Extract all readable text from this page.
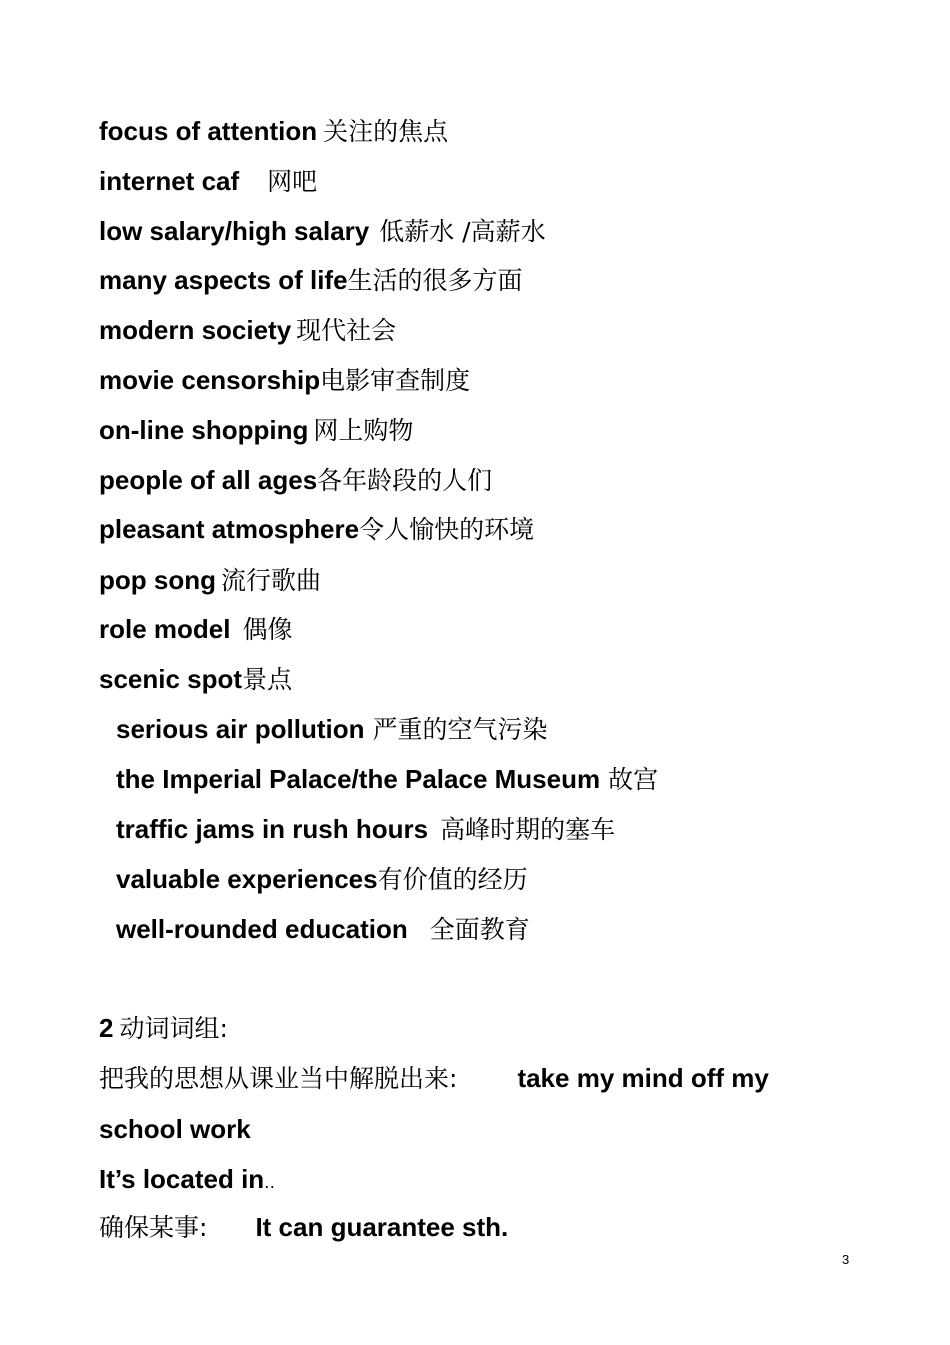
focus of attention 关注的焦点
internet caf 网吧
low salary/high salary 低薪水 /高薪水
many aspects of life生活的很多方面
modern society 现代社会
movie censorship电影审查制度
on-line shopping 网上购物
people of all ages各年龄段的人们
pleasant atmosphere令人愉快的环境
pop song 流行歌曲
role model 偶像
scenic spot景点
serious air pollution 严重的空气污染
the Imperial Palace/the Palace Museum 故宫
traffic jams in rush hours 高峰时期的塞车
valuable experiences有价值的经历
well-rounded education 全面教育
2 动词词组:
把我的思想从课业当中解脱出来: take my mind off my
school work
It’s located in‥
确保某事: It can guarantee sth.
3
